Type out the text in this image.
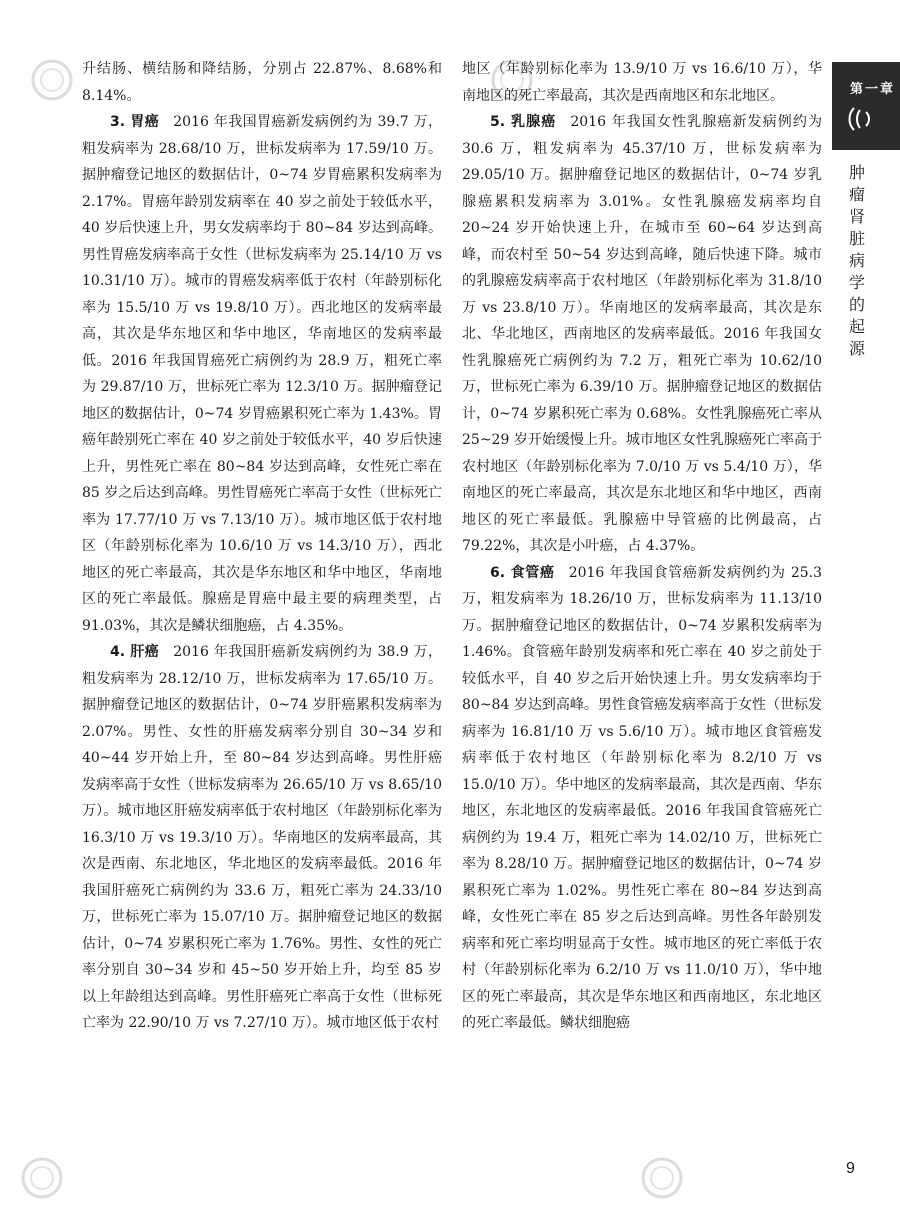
升结肠、横结肠和降结肠，分别占 22.87%、8.68%和 8.14%。

3. 胃癌  2016 年我国胃癌新发病例约为 39.7 万，粗发病率为 28.68/10 万，世标发病率为 17.59/10 万。据肿瘤登记地区的数据估计，0~74 岁胃癌累积发病率为 2.17%。胃癌年龄别发病率在 40 岁之前处于较低水平，40 岁后快速上升，男女发病率均于 80~84 岁达到高峰。男性胃癌发病率高于女性（世标发病率为 25.14/10 万 vs 10.31/10 万）。城市的胃癌发病率低于农村（年龄别标化率为 15.5/10 万 vs 19.8/10 万）。西北地区的发病率最高，其次是华东地区和华中地区，华南地区的发病率最低。2016 年我国胃癌死亡病例约为 28.9 万，粗死亡率为 29.87/10 万，世标死亡率为 12.3/10 万。据肿瘤登记地区的数据估计，0~74 岁胃癌累积死亡率为 1.43%。胃癌年龄别死亡率在 40 岁之前处于较低水平，40 岁后快速上升，男性死亡率在 80~84 岁达到高峰，女性死亡率在 85 岁之后达到高峰。男性胃癌死亡率高于女性（世标死亡率为 17.77/10 万 vs 7.13/10 万）。城市地区低于农村地区（年龄别标化率为 10.6/10 万 vs 14.3/10 万），西北地区的死亡率最高，其次是华东地区和华中地区，华南地区的死亡率最低。腺癌是胃癌中最主要的病理类型，占 91.03%，其次是鳞状细胞癌，占 4.35%。

4. 肝癌  2016 年我国肝癌新发病例约为 38.9 万，粗发病率为 28.12/10 万，世标发病率为 17.65/10 万。据肿瘤登记地区的数据估计，0~74 岁肝癌累积发病率为 2.07%。男性、女性的肝癌发病率分别自 30~34 岁和 40~44 岁开始上升，至 80~84 岁达到高峰。男性肝癌发病率高于女性（世标发病率为 26.65/10 万 vs 8.65/10 万）。城市地区肝癌发病率低于农村地区（年龄别标化率为 16.3/10 万 vs 19.3/10 万）。华南地区的发病率最高，其次是西南、东北地区，华北地区的发病率最低。2016 年我国肝癌死亡病例约为 33.6 万，粗死亡率为 24.33/10 万，世标死亡率为 15.07/10 万。据肿瘤登记地区的数据估计，0~74 岁累积死亡率为 1.76%。男性、女性的死亡率分别自 30~34 岁和 45~50 岁开始上升，均至 85 岁以上年龄组达到高峰。男性肝癌死亡率高于女性（世标死亡率为 22.90/10 万 vs 7.27/10 万）。城市地区低于农村

地区（年龄别标化率为 13.9/10 万 vs 16.6/10 万），华南地区的死亡率最高，其次是西南地区和东北地区。

5. 乳腺癌  2016 年我国女性乳腺癌新发病例约为 30.6 万，粗发病率为 45.37/10 万，世标发病率为 29.05/10 万。据肿瘤登记地区的数据估计，0~74 岁乳腺癌累积发病率为 3.01%。女性乳腺癌发病率均自 20~24 岁开始快速上升，在城市至 60~64 岁达到高峰，而农村至 50~54 岁达到高峰，随后快速下降。城市的乳腺癌发病率高于农村地区（年龄别标化率为 31.8/10 万 vs 23.8/10 万）。华南地区的发病率最高，其次是东北、华北地区，西南地区的发病率最低。2016 年我国女性乳腺癌死亡病例约为 7.2 万，粗死亡率为 10.62/10 万，世标死亡率为 6.39/10 万。据肿瘤登记地区的数据估计，0~74 岁累积死亡率为 0.68%。女性乳腺癌死亡率从 25~29 岁开始缓慢上升。城市地区女性乳腺癌死亡率高于农村地区（年龄别标化率为 7.0/10 万 vs 5.4/10 万），华南地区的死亡率最高，其次是东北地区和华中地区，西南地区的死亡率最低。乳腺癌中导管癌的比例最高，占 79.22%，其次是小叶癌，占 4.37%。

6. 食管癌  2016 年我国食管癌新发病例约为 25.3 万，粗发病率为 18.26/10 万，世标发病率为 11.13/10 万。据肿瘤登记地区的数据估计，0~74 岁累积发病率为 1.46%。食管癌年龄别发病率和死亡率在 40 岁之前处于较低水平，自 40 岁之后开始快速上升。男女发病率均于 80~84 岁达到高峰。男性食管癌发病率高于女性（世标发病率为 16.81/10 万 vs 5.6/10 万）。城市地区食管癌发病率低于农村地区（年龄别标化率为 8.2/10 万 vs 15.0/10 万）。华中地区的发病率最高，其次是西南、华东地区，东北地区的发病率最低。2016 年我国食管癌死亡病例约为 19.4 万，粗死亡率为 14.02/10 万，世标死亡率为 8.28/10 万。据肿瘤登记地区的数据估计，0~74 岁累积死亡率为 1.02%。男性死亡率在 80~84 岁达到高峰，女性死亡率在 85 岁之后达到高峰。男性各年龄别发病率和死亡率均明显高于女性。城市地区的死亡率低于农村（年龄别标化率为 6.2/10 万 vs 11.0/10 万），华中地区的死亡率最高，其次是华东地区和西南地区，东北地区的死亡率最低。鳞状细胞癌

第一章
肿瘤肾脏病学的起源
9
